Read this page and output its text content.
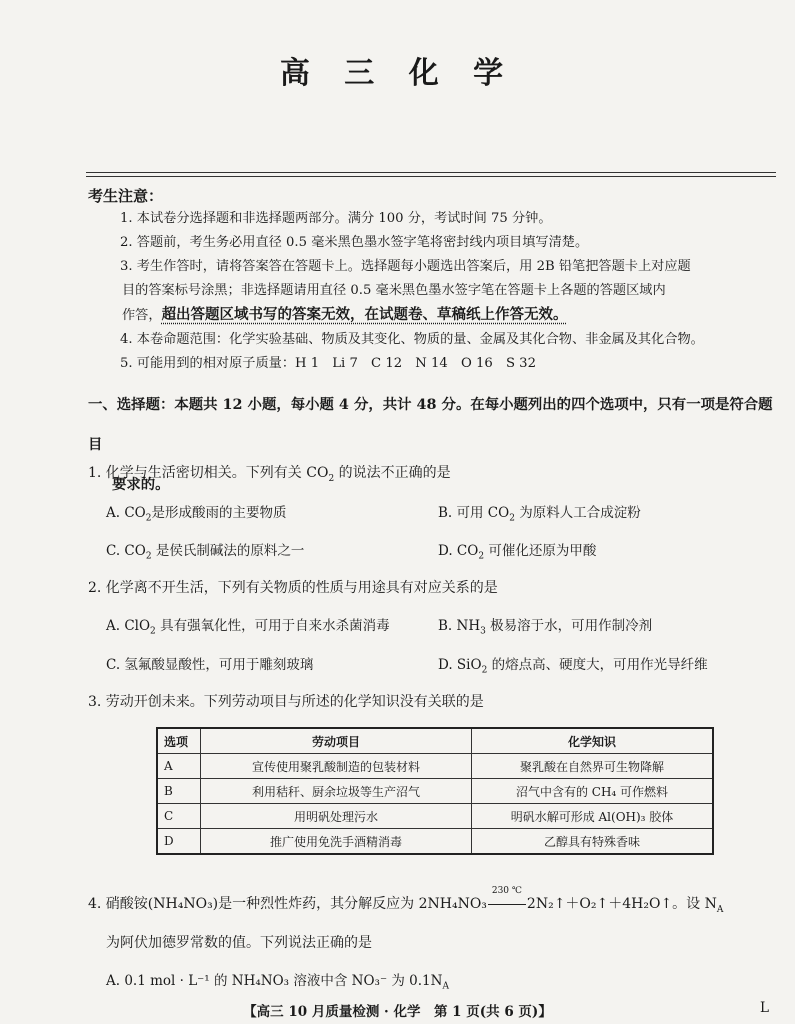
高 三 化 学
考生注意：
1. 本试卷分选择题和非选择题两部分。满分 100 分，考试时间 75 分钟。
2. 答题前，考生务必用直径 0.5 毫米黑色墨水签字笔将密封线内项目填写清楚。
3. 考生作答时，请将答案答在答题卡上。选择题每小题选出答案后，用 2B 铅笔把答题卡上对应题
目的答案标号涂黑；非选择题请用直径 0.5 毫米黑色墨水签字笔在答题卡上各题的答题区域内
作答，超出答题区域书写的答案无效，在试题卷、草稿纸上作答无效。
4. 本卷命题范围：化学实验基础、物质及其变化、物质的量、金属及其化合物、非金属及其化合物。
5. 可能用到的相对原子质量：H 1　Li 7　C 12　N 14　O 16　S 32
一、选择题：本题共 12 小题，每小题 4 分，共计 48 分。在每小题列出的四个选项中，只有一项是符合题目
要求的。
1. 化学与生活密切相关。下列有关 $CO_2$ 的说法不正确的是
A. $CO_2$是形成酸雨的主要物质	B. 可用 $CO_2$ 为原料人工合成淀粉
C. $CO_2$ 是侯氏制碱法的原料之一	D. $CO_2$ 可催化还原为甲酸
2. 化学离不开生活，下列有关物质的性质与用途具有对应关系的是
A. ClO$_2$ 具有强氧化性，可用于自来水杀菌消毒	B. $NH_3$ 极易溶于水，可用作制冷剂
C. 氢氟酸显酸性，可用于雕刻玻璃	D. SiO$_2$ 的熔点高、硬度大，可用作光导纤维
3. 劳动开创未来。下列劳动项目与所述的化学知识没有关联的是
选项	劳动项目	化学知识
A	宣传使用聚乳酸制造的包装材料	聚乳酸在自然界可生物降解
B	利用秸秆、厨余垃圾等生产沼气	沼气中含有的 CH₄ 可作燃料
C	用明矾处理污水	明矾水解可形成 Al(OH)₃ 胶体
D	推广使用免洗手酒精消毒	乙醇具有特殊香味
4. 硝酸铵(NH₄NO₃)是一种烈性炸药，其分解反应为 2NH₄NO₃
230 ℃
2N₂↑＋O₂↑＋4H₂O↑。设 $N_A$
为阿伏加德罗常数的值。下列说法正确的是
A. 0.1 mol · L⁻¹ 的 NH₄NO₃ 溶液中含 NO₃⁻ 为 $0.1N_A$
【高三 10 月质量检测 · 化学　第 1 页(共 6 页)】	L
